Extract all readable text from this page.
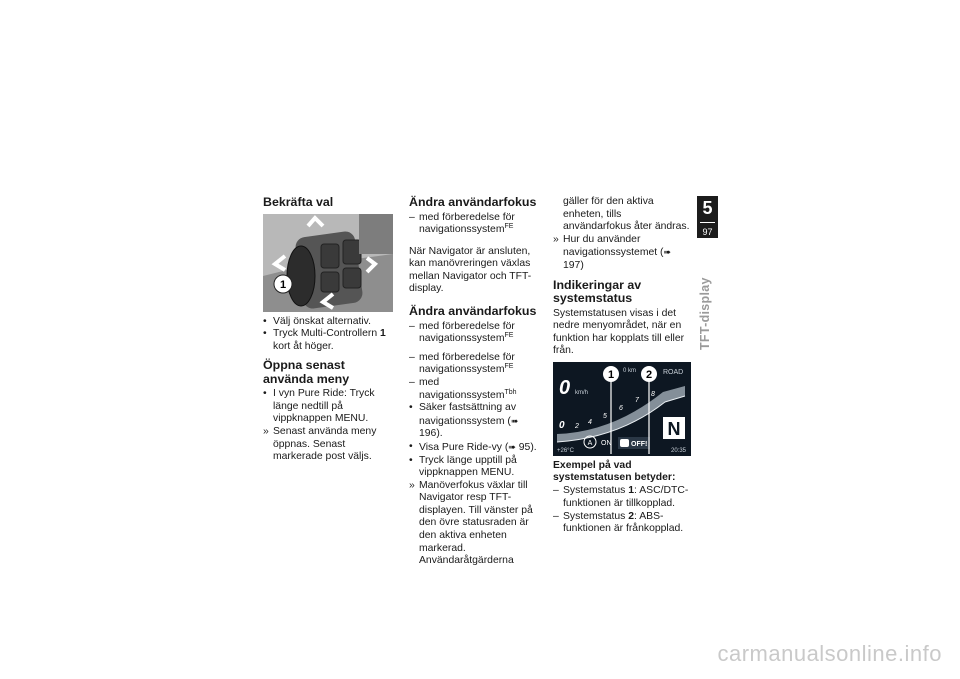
Bekräfta val
1
• Välj önskat alternativ.
• Tryck Multi-Controllern 1 kort åt höger.
Öppna senast använda meny
• I vyn Pure Ride: Tryck länge nedtill på vippknappen MENU.
» Senast använda meny öppnas. Senast markerade post väljs.
Ändra användarfokus
– med förberedelse för navigationssystem$^{FE}$

När Navigator är ansluten, kan manövreringen växlas mellan Navigator och TFT-display.

Ändra användarfokus
– med förberedelse för navigationssystem$^{FE}$
– med förberedelse för navigationssystem$^{FE}$
– med navigationssystem$^{Tbh}$
• Säker fastsättning av navigationssystem (➠ 196).
• Visa Pure Ride-vy (➠ 95).
• Tryck länge upptill på vippknappen MENU.
» Manöverfokus växlar till Navigator resp TFT-displayen. Till vänster på den övre statusraden är den aktiva enheten markerad. Användaråtgärderna
gäller för den aktiva enheten, tills användarfokus åter ändras.
» Hur du använder navigationssystemet (➠ 197)
Indikeringar av systemstatus

Systemstatusen visas i det nedre menyområdet, när en funktion har kopplats till eller från.

0 km/h
0 km	ROAD
0 2
4
5
6
7
8
N
A ON	OFF!
+26°C	20:35
1	2
Exempel på vad systemstatusen betyder:
– Systemstatus 1: ASC/DTC-funktionen är tillkopplad.
– Systemstatus 2: ABS-funktionen är frånkopplad.
5
97
TFT-display
carmanualsonline.info
